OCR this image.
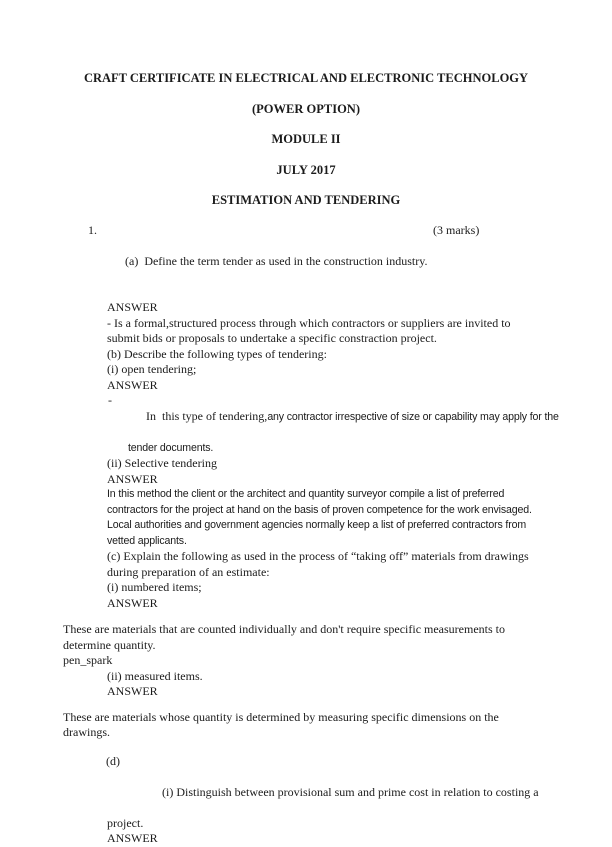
CRAFT CERTIFICATE IN ELECTRICAL AND ELECTRONIC TECHNOLOGY
(POWER OPTION)
MODULE II
JULY 2017
ESTIMATION AND TENDERING

1.

(a)  Define the term tender as used in the construction industry.

(3 marks)

ANSWER
- Is a formal,structured process through which contractors or suppliers are invited to
submit bids or proposals to undertake a specific constraction project.
(b) Describe the following types of tendering:
(i) open tendering;
ANSWER

-
In  this type of tendering,any contractor irrespective of size or capability may apply for the

tender documents.
(ii) Selective tendering
ANSWER
In this method the client or the architect and quantity surveyor compile a list of preferred
contractors for the project at hand on the basis of proven competence for the work envisaged.
Local authorities and government agencies normally keep a list of preferred contractors from
vetted applicants.
(c) Explain the following as used in the process of “taking off” materials from drawings
during preparation of an estimate:
(i) numbered items;
ANSWER
These are materials that are counted individually and don't require specific measurements to
determine quantity.
pen_spark
(ii) measured items.
ANSWER
These are materials whose quantity is determined by measuring specific dimensions on the
drawings.

(d)

(i) Distinguish between provisional sum and prime cost in relation to costing a

project.
ANSWER
